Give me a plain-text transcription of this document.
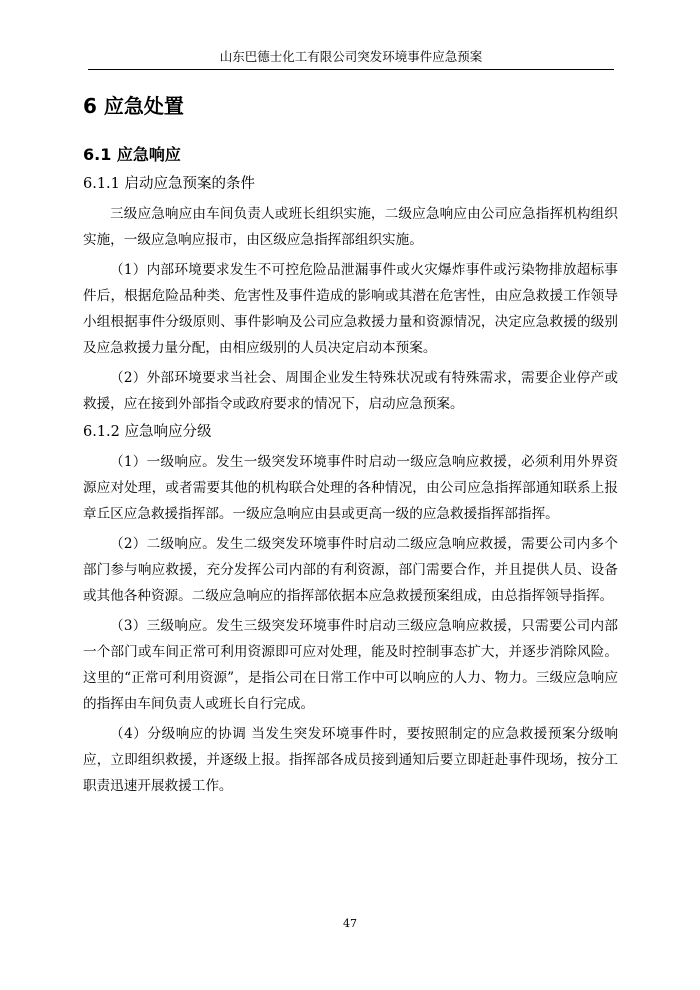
山东巴德士化工有限公司突发环境事件应急预案
6 应急处置
6.1 应急响应
6.1.1 启动应急预案的条件

三级应急响应由车间负责人或班长组织实施，二级应急响应由公司应急指挥机构组织实施，一级应急响应报市，由区级应急指挥部组织实施。

（1）内部环境要求发生不可控危险品泄漏事件或火灾爆炸事件或污染物排放超标事件后，根据危险品种类、危害性及事件造成的影响或其潜在危害性，由应急救援工作领导小组根据事件分级原则、事件影响及公司应急救援力量和资源情况，决定应急救援的级别及应急救援力量分配，由相应级别的人员决定启动本预案。

（2）外部环境要求当社会、周围企业发生特殊状况或有特殊需求，需要企业停产或救援，应在接到外部指令或政府要求的情况下，启动应急预案。

6.1.2 应急响应分级

（1）一级响应。发生一级突发环境事件时启动一级应急响应救援，必须利用外界资源应对处理，或者需要其他的机构联合处理的各种情况，由公司应急指挥部通知联系上报章丘区应急救援指挥部。一级应急响应由县或更高一级的应急救援指挥部指挥。

（2）二级响应。发生二级突发环境事件时启动二级应急响应救援，需要公司内多个部门参与响应救援，充分发挥公司内部的有利资源，部门需要合作，并且提供人员、设备或其他各种资源。二级应急响应的指挥部依据本应急救援预案组成，由总指挥领导指挥。

（3）三级响应。发生三级突发环境事件时启动三级应急响应救援，只需要公司内部一个部门或车间正常可利用资源即可应对处理，能及时控制事态扩大，并逐步消除风险。 这里的“正常可利用资源”，是指公司在日常工作中可以响应的人力、物力。三级应急响应的指挥由车间负责人或班长自行完成。

（4）分级响应的协调 当发生突发环境事件时，要按照制定的应急救援预案分级响应，立即组织救援，并逐级上报。指挥部各成员接到通知后要立即赶赴事件现场，按分工职责迅速开展救援工作。

47
